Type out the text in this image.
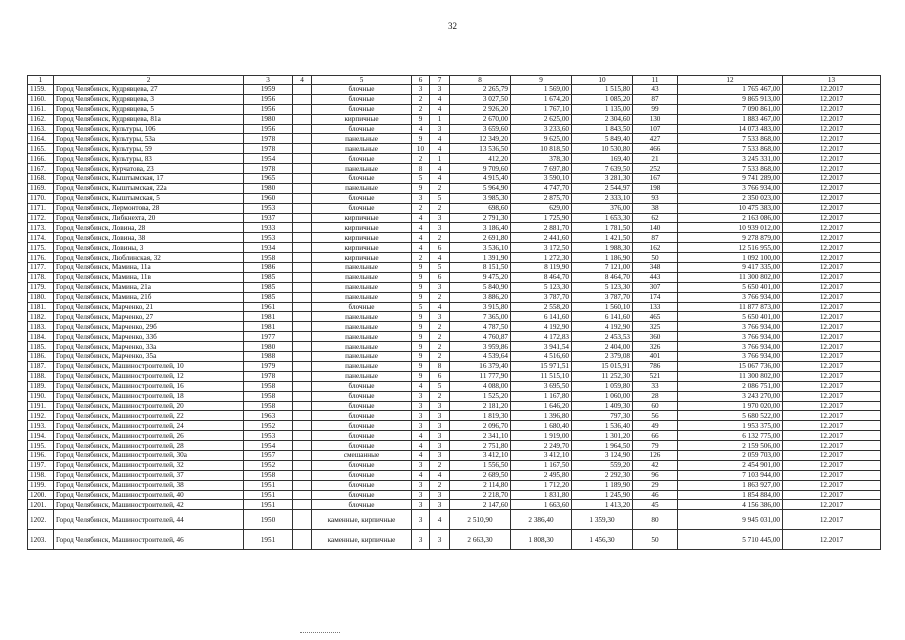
32
1	2	3	4	5	6	7	8	9	10	11	12	13
1159.	Город Челябинск, Кудрявцева, 27	1959		блочные	3	3	2 265,79	1 569,00	1 515,80	43	1 765 467,00	12.2017
1160.	Город Челябинск, Кудрявцева, 3	1956		блочные	2	4	3 027,50	1 674,20	1 085,20	87	9 865 913,00	12.2017
1161.	Город Челябинск, Кудрявцева, 5	1956		блочные	2	4	2 926,20	1 767,10	1 135,00	99	7 090 861,00	12.2017
1162.	Город Челябинск, Кудрявцева, 81а	1980		кирпичные	9	1	2 670,00	2 625,00	2 304,60	130	1 883 467,00	12.2017
1163.	Город Челябинск, Культуры, 106	1956		блочные	4	3	3 659,60	3 233,60	1 843,50	107	14 073 483,00	12.2017
1164.	Город Челябинск, Культуры, 53а	1978		панельные	9	4	12 349,20	9 625,00	5 849,40	427	7 533 868,00	12.2017
1165.	Город Челябинск, Культуры, 59	1978		панельные	10	4	13 536,50	10 818,50	10 530,80	466	7 533 868,00	12.2017
1166.	Город Челябинск, Культуры, 83	1954		блочные	2	1	412,20	378,30	169,40	21	3 245 331,00	12.2017
1167.	Город Челябинск, Курчатова, 23	1978		панельные	8	4	9 709,60	7 697,80	7 639,50	252	7 533 868,00	12.2017
1168.	Город Челябинск, Кыштымская, 17	1965		блочные	5	4	4 915,40	3 590,10	3 281,30	167	9 741 289,00	12.2017
1169.	Город Челябинск, Кыштымская, 22а	1980		панельные	9	2	5 964,90	4 747,70	2 544,97	198	3 766 934,00	12.2017
1170.	Город Челябинск, Кыштымская, 5	1960		блочные	3	5	3 985,30	2 875,70	2 333,10	93	2 350 023,00	12.2017
1171.	Город Челябинск, Лермонтова, 28	1953		блочные	2	2	698,60	629,00	376,00	38	10 475 383,00	12.2017
1172.	Город Челябинск, Либкнехта, 20	1937		кирпичные	4	3	2 791,30	1 725,90	1 653,30	62	2 163 086,00	12.2017
1173.	Город Челябинск, Ловина, 28	1933		кирпичные	4	3	3 186,40	2 881,70	1 781,50	140	10 939 012,00	12.2017
1174.	Город Челябинск, Ловина, 38	1953		кирпичные	4	2	2 691,80	2 441,60	1 421,50	87	9 278 879,00	12.2017
1175.	Город Челябинск, Ловины, 3	1934		кирпичные	4	6	3 536,10	3 172,50	1 988,30	162	12 516 955,00	12.2017
1176.	Город Челябинск, Люблинская, 32	1958		кирпичные	2	4	1 391,90	1 272,30	1 186,90	50	1 092 100,00	12.2017
1177.	Город Челябинск, Мамина, 11а	1986		панельные	9	5	8 151,50	8 119,90	7 121,00	348	9 417 335,00	12.2017
1178.	Город Челябинск, Мамина, 11в	1985		панельные	9	6	9 475,20	8 464,70	8 464,70	443	11 300 802,00	12.2017
1179.	Город Челябинск, Мамина, 21а	1985		панельные	9	3	5 840,90	5 123,30	5 123,30	307	5 650 401,00	12.2017
1180.	Город Челябинск, Мамина, 21б	1985		панельные	9	2	3 886,20	3 787,70	3 787,70	174	3 766 934,00	12.2017
1181.	Город Челябинск, Марченко, 21	1961		блочные	5	4	3 915,80	2 558,20	1 560,10	133	11 877 873,00	12.2017
1182.	Город Челябинск, Марченко, 27	1981		панельные	9	3	7 365,00	6 141,60	6 141,60	465	5 650 401,00	12.2017
1183.	Город Челябинск, Марченко, 29б	1981		панельные	9	2	4 787,50	4 192,90	4 192,90	325	3 766 934,00	12.2017
1184.	Город Челябинск, Марченко, 33б	1977		панельные	9	2	4 760,87	4 172,83	2 453,53	360	3 766 934,00	12.2017
1185.	Город Челябинск, Марченко, 33а	1980		панельные	9	2	3 959,86	3 941,54	2 404,00	326	3 766 934,00	12.2017
1186.	Город Челябинск, Марченко, 35а	1988		панельные	9	2	4 539,64	4 516,60	2 379,08	401	3 766 934,00	12.2017
1187.	Город Челябинск, Машиностроителей, 10	1979		панельные	9	8	16 379,40	15 971,51	15 015,91	786	15 067 736,00	12.2017
1188.	Город Челябинск, Машиностроителей, 12	1978		панельные	9	6	11 777,90	11 515,10	11 252,30	521	11 300 802,00	12.2017
1189.	Город Челябинск, Машиностроителей, 16	1958		блочные	4	5	4 088,00	3 695,50	1 059,80	33	2 086 751,00	12.2017
1190.	Город Челябинск, Машиностроителей, 18	1958		блочные	3	2	1 525,20	1 167,80	1 060,00	28	3 243 270,00	12.2017
1191.	Город Челябинск, Машиностроителей, 20	1958		блочные	3	3	2 181,20	1 646,20	1 409,30	60	1 970 020,00	12.2017
1192.	Город Челябинск, Машиностроителей, 22	1963		блочные	3	3	1 819,30	1 396,80	797,30	56	5 680 522,00	12.2017
1193.	Город Челябинск, Машиностроителей, 24	1952		блочные	3	3	2 096,70	1 680,40	1 536,40	49	1 953 375,00	12.2017
1194.	Город Челябинск, Машиностроителей, 26	1953		блочные	4	3	2 341,10	1 919,00	1 301,20	66	6 132 775,00	12.2017
1195.	Город Челябинск, Машиностроителей, 28	1954		блочные	4	3	2 751,80	2 249,70	1 964,50	79	2 159 506,00	12.2017
1196.	Город Челябинск, Машиностроителей, 30а	1957		смешанные	4	3	3 412,10	3 412,10	3 124,90	126	2 059 703,00	12.2017
1197.	Город Челябинск, Машиностроителей, 32	1952		блочные	3	2	1 556,50	1 167,50	559,20	42	2 454 901,00	12.2017
1198.	Город Челябинск, Машиностроителей, 37	1958		блочные	4	4	2 689,50	2 495,80	2 292,30	96	7 103 944,00	12.2017
1199.	Город Челябинск, Машиностроителей, 38	1951		блочные	3	2	2 114,80	1 712,20	1 189,90	29	1 863 927,00	12.2017
1200.	Город Челябинск, Машиностроителей, 40	1951		блочные	3	3	2 218,70	1 831,80	1 245,90	46	1 854 884,00	12.2017
1201.	Город Челябинск, Машиностроителей, 42	1951		блочные	3	3	2 147,60	1 663,60	1 413,20	45	4 156 386,00	12.2017
1202.	Город Челябинск, Машиностроителей, 44	1950		каменные, кирпичные	3	4	2 510,90	2 386,40	1 359,30	80	9 945 031,00	12.2017
1203.	Город Челябинск, Машиностроителей, 46	1951		каменные, кирпичные	3	3	2 663,30	1 808,30	1 456,30	50	5 710 445,00	12.2017
